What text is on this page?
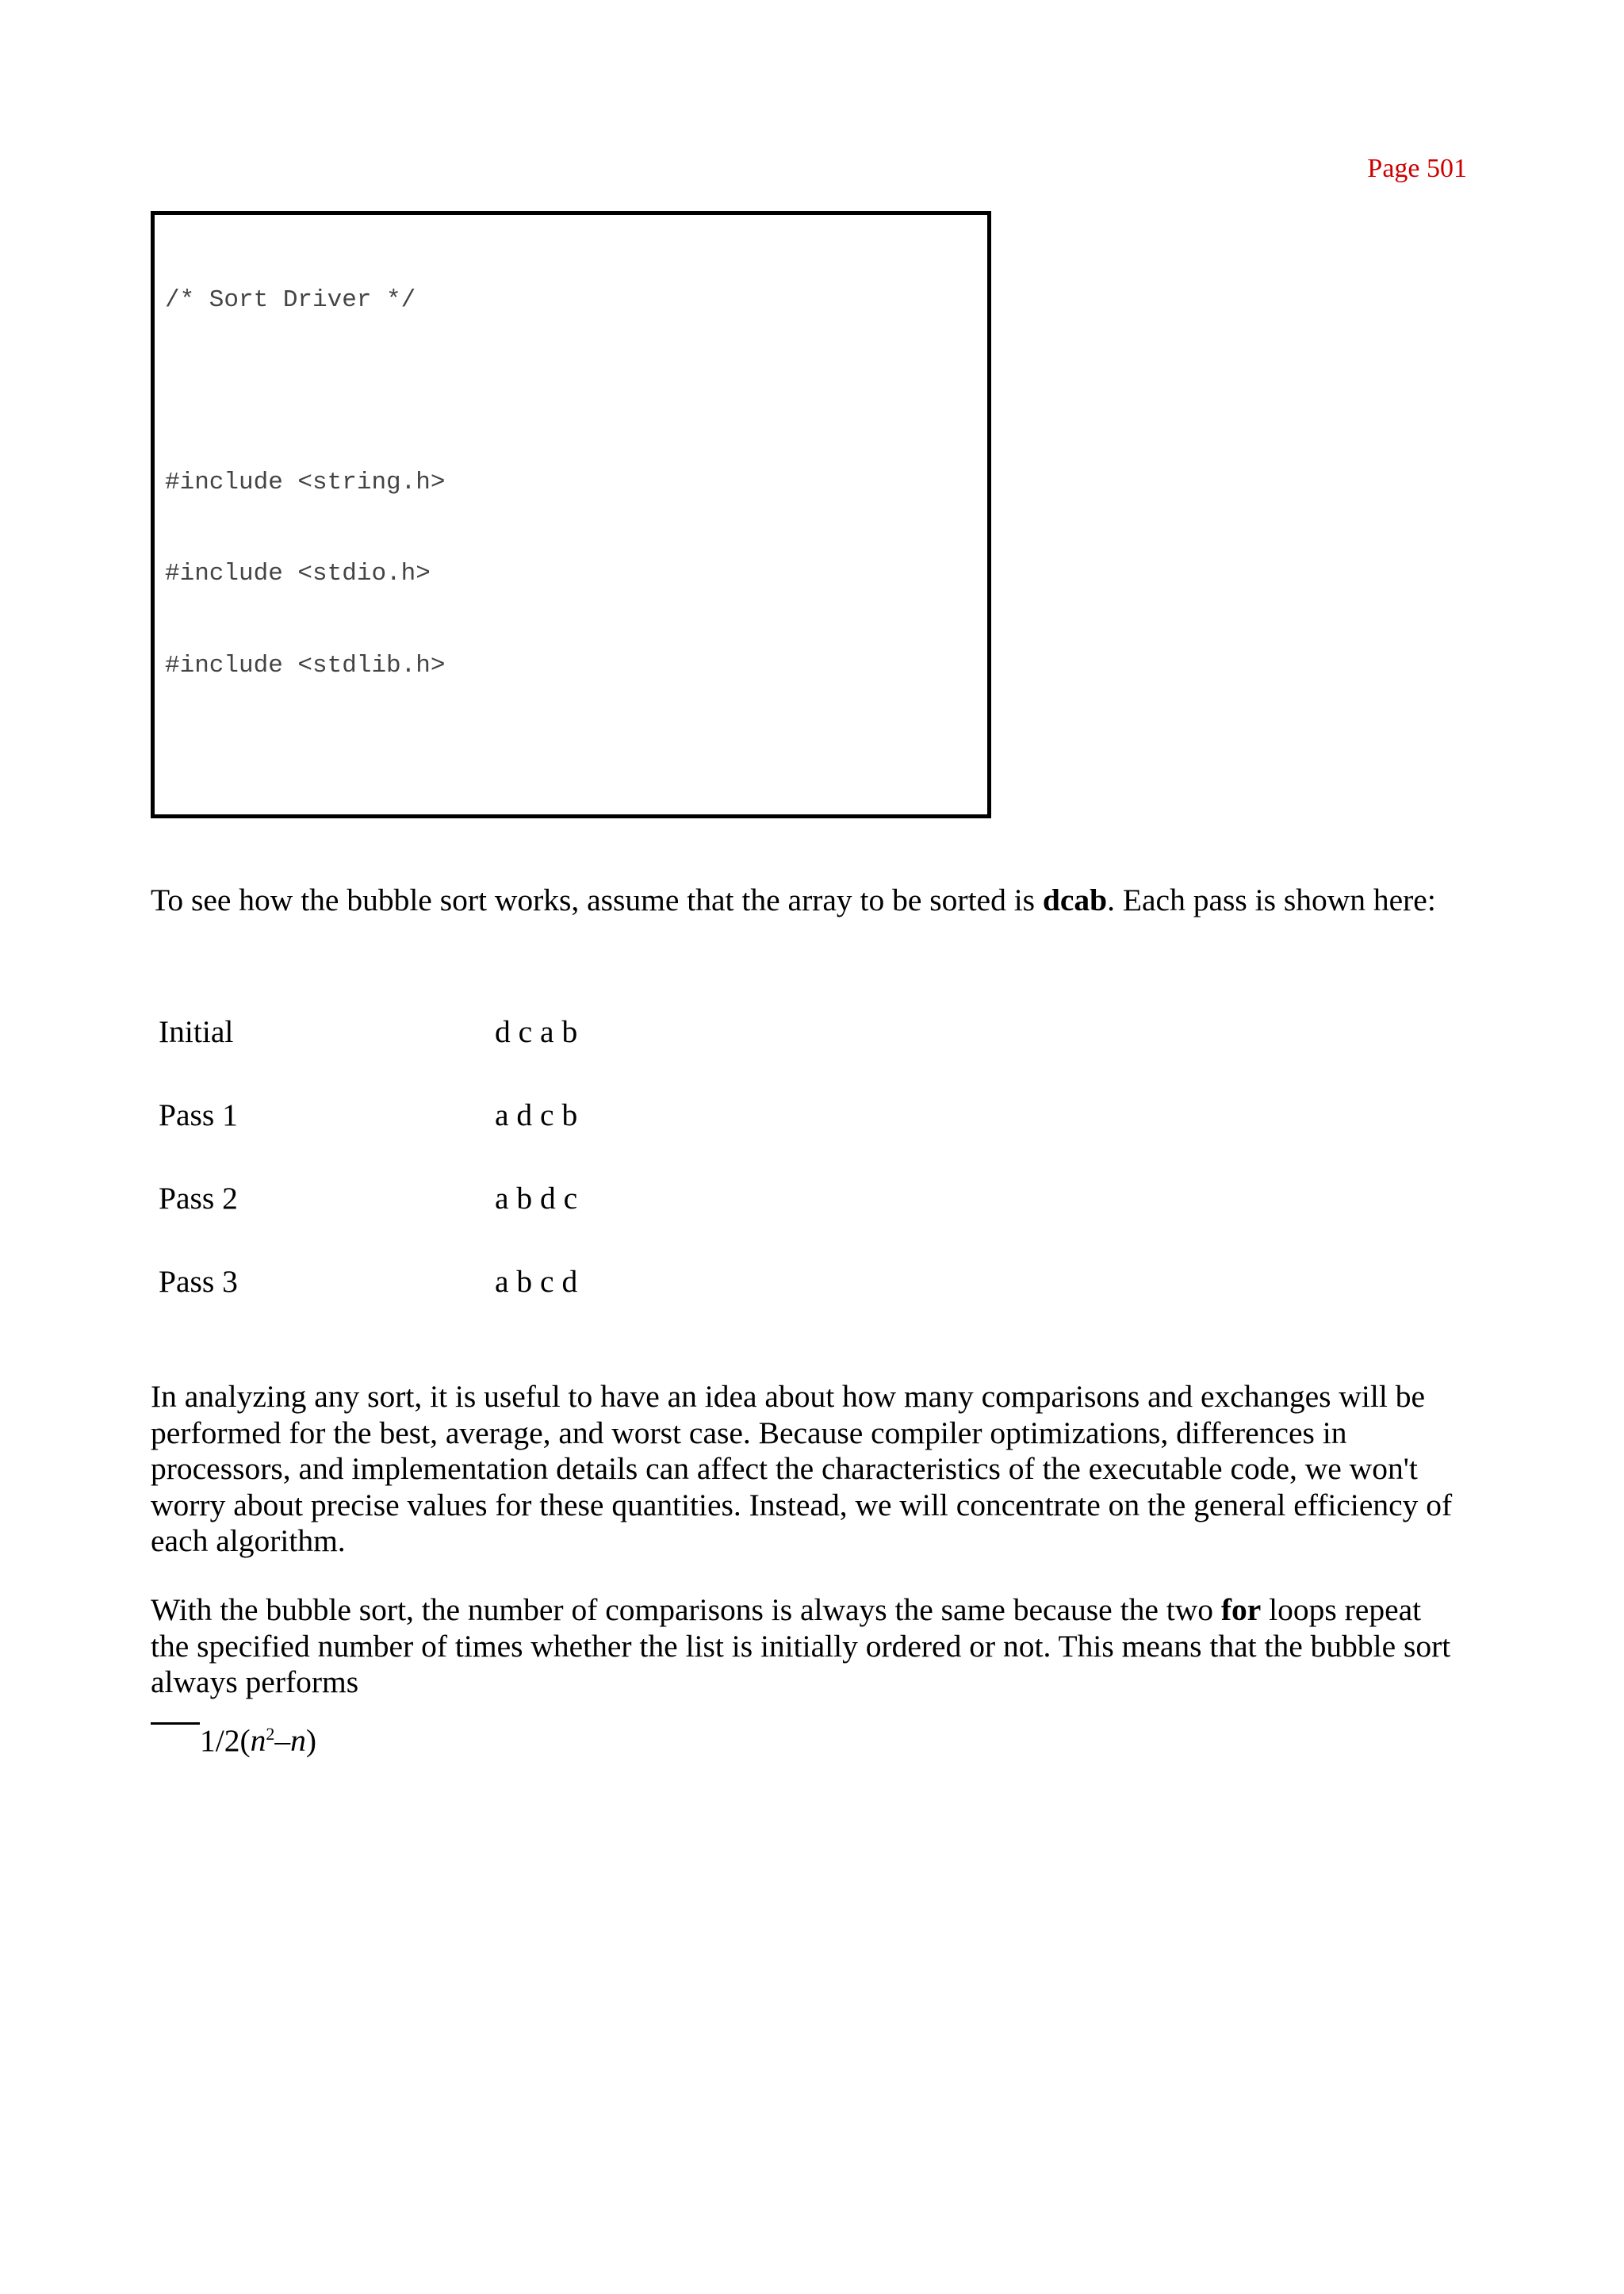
Page 501

/* Sort Driver */

#include <string.h>

#include <stdio.h>

#include <stdlib.h>

To see how the bubble sort works, assume that the array to be sorted is dcab. Each pass is shown here:

Initial	d c a b
Pass 1	a d c b
Pass 2	a b d c
Pass 3	a b c d

In analyzing any sort, it is useful to have an idea about how many comparisons and exchanges will be performed for the best, average, and worst case. Because compiler optimizations, differences in processors, and implementation details can affect the characteristics of the executable code, we won't worry about precise values for these quantities. Instead, we will concentrate on the general efficiency of each algorithm.

With the bubble sort, the number of comparisons is always the same because the two for loops repeat the specified number of times whether the list is initially ordered or not. This means that the bubble sort always performs

$1/2(n^2-n)$
